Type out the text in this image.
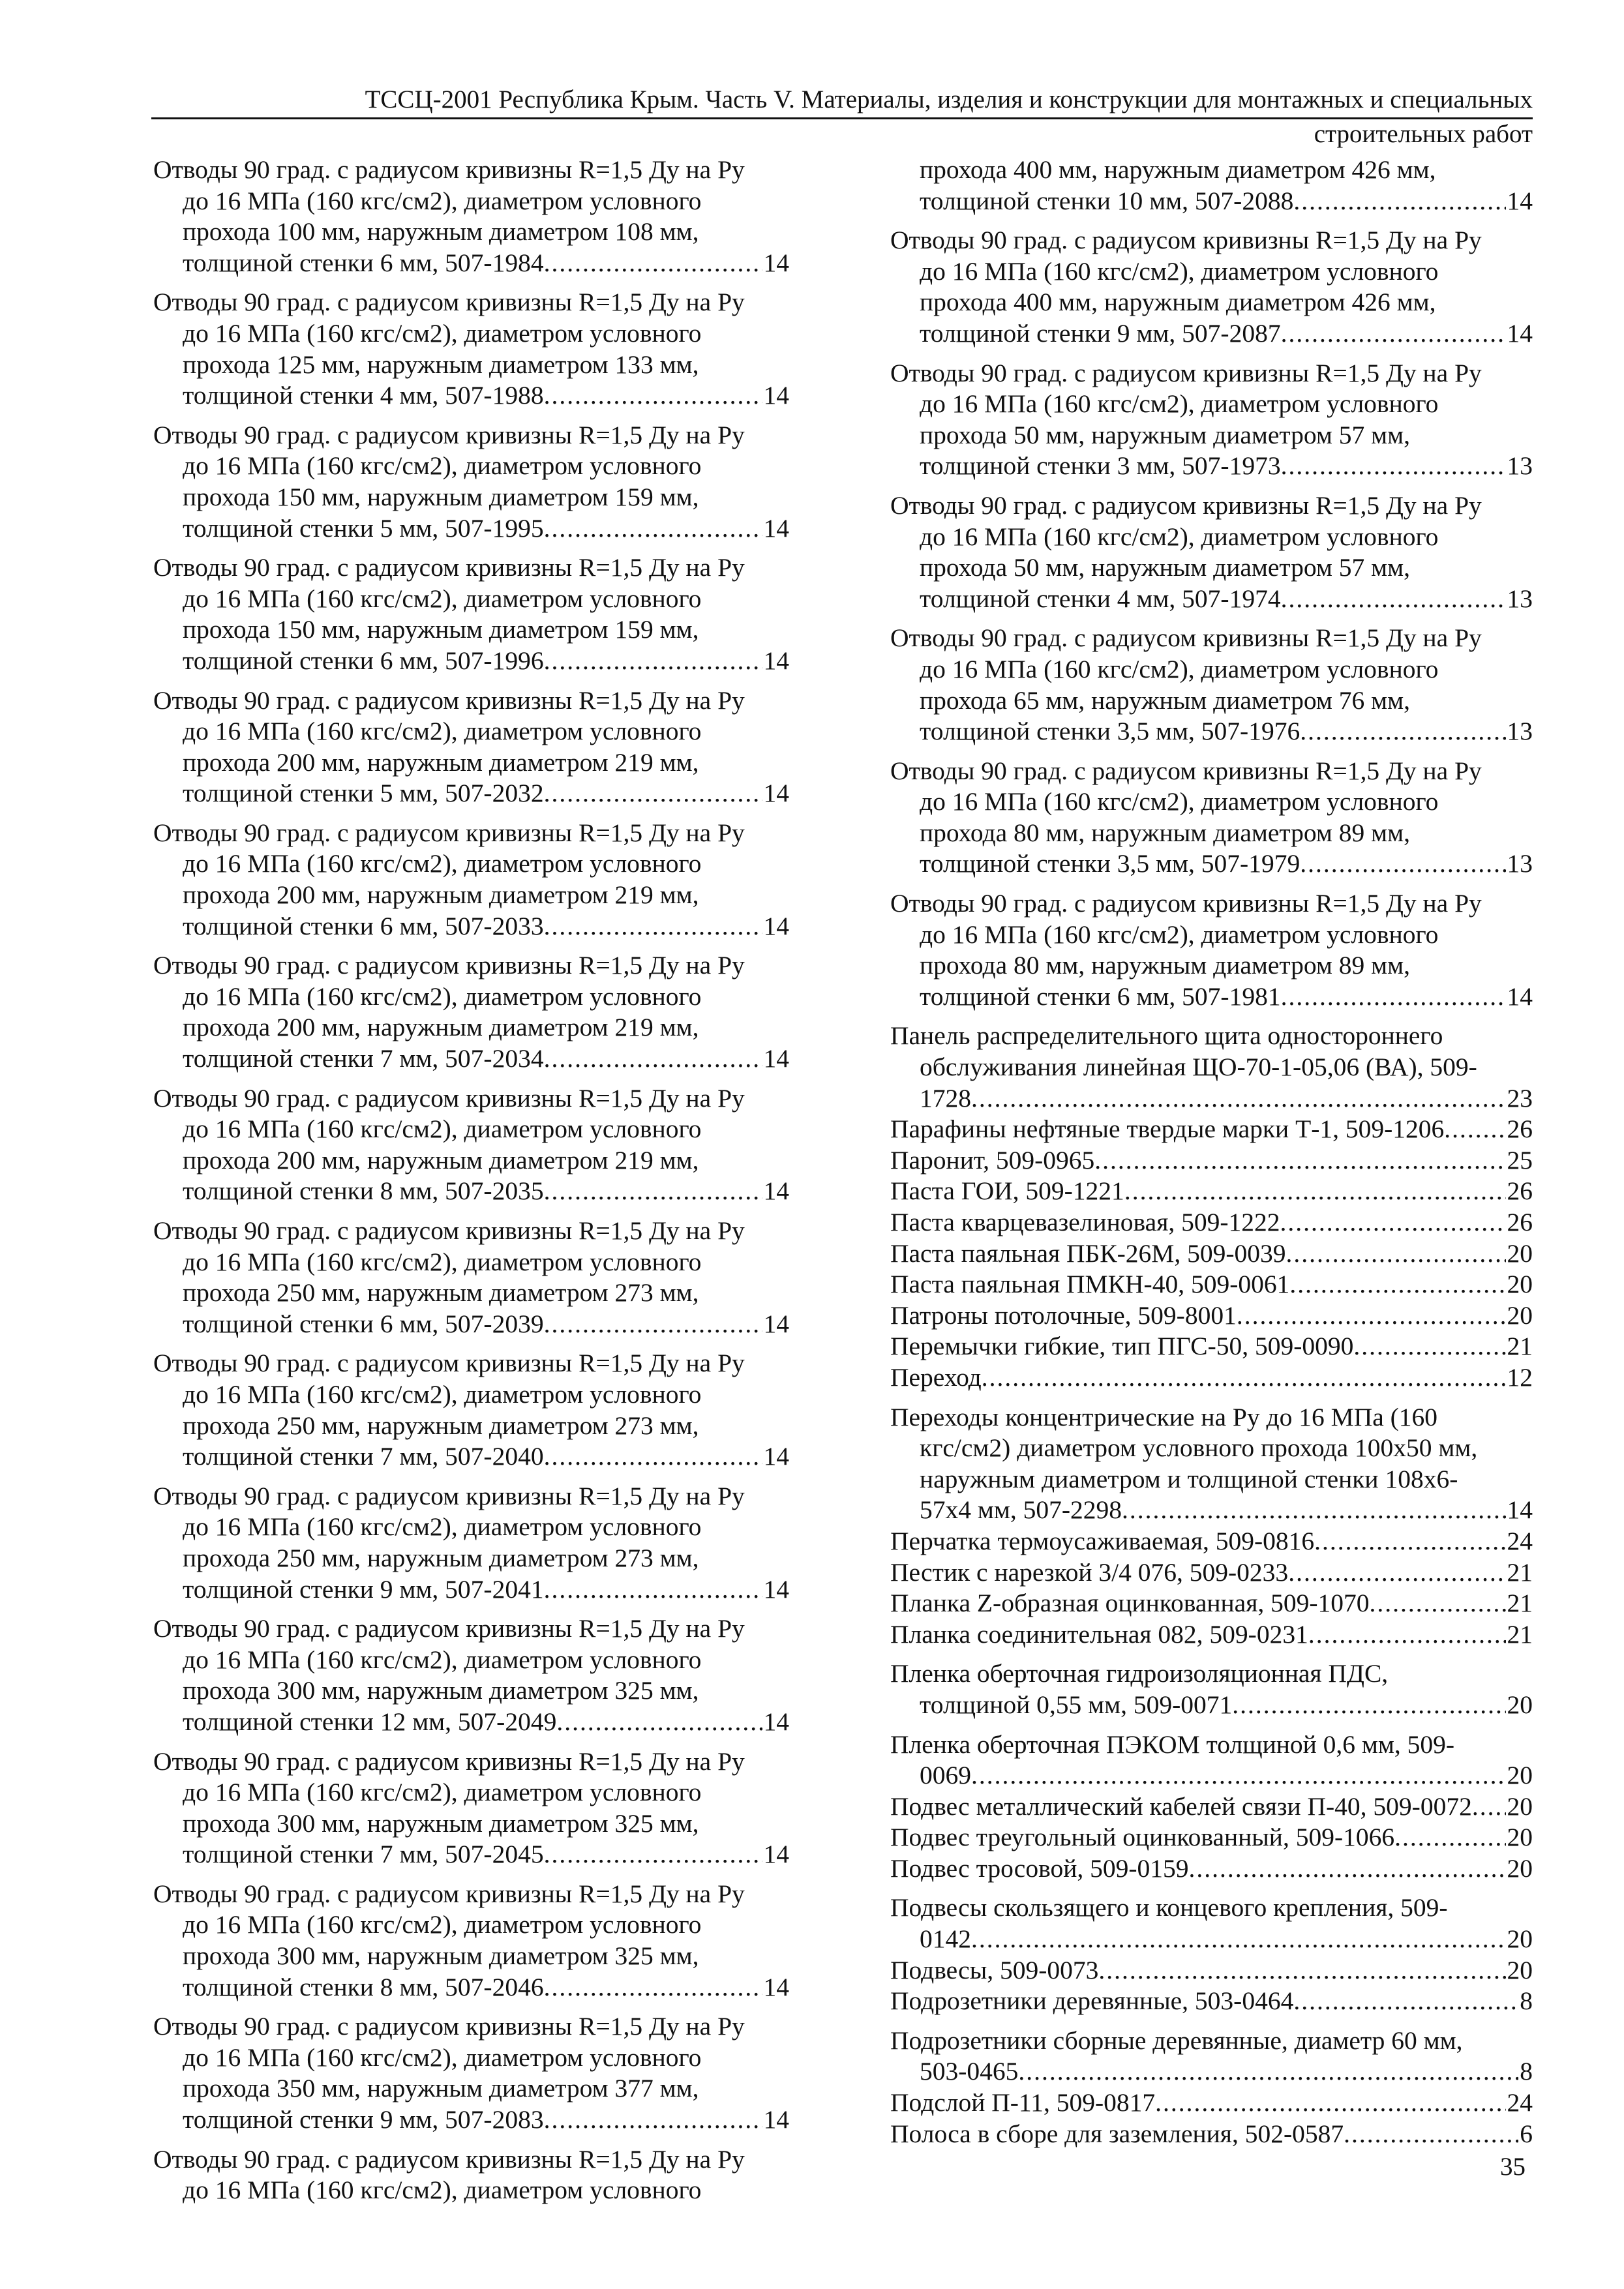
ТССЦ-2001 Республика Крым. Часть V. Материалы, изделия и конструкции для монтажных и специальных
строительных работ
Отводы 90 град. с радиусом кривизны R=1,5 Ду на Ру
до 16 МПа (160 кгс/см2), диаметром условного
прохода 100 мм, наружным диаметром 108 мм,
толщиной стенки 6 мм, 507-1984 .....	14
Отводы 90 град. с радиусом кривизны R=1,5 Ду на Ру
до 16 МПа (160 кгс/см2), диаметром условного
прохода 125 мм, наружным диаметром 133 мм,
толщиной стенки 4 мм, 507-1988 .....	14
Отводы 90 град. с радиусом кривизны R=1,5 Ду на Ру
до 16 МПа (160 кгс/см2), диаметром условного
прохода 150 мм, наружным диаметром 159 мм,
толщиной стенки 5 мм, 507-1995 .....	14
Отводы 90 град. с радиусом кривизны R=1,5 Ду на Ру
до 16 МПа (160 кгс/см2), диаметром условного
прохода 150 мм, наружным диаметром 159 мм,
толщиной стенки 6 мм, 507-1996 .....	14
Отводы 90 град. с радиусом кривизны R=1,5 Ду на Ру
до 16 МПа (160 кгс/см2), диаметром условного
прохода 200 мм, наружным диаметром 219 мм,
толщиной стенки 5 мм, 507-2032 .....	14
Отводы 90 град. с радиусом кривизны R=1,5 Ду на Ру
до 16 МПа (160 кгс/см2), диаметром условного
прохода 200 мм, наружным диаметром 219 мм,
толщиной стенки 6 мм, 507-2033 .....	14
Отводы 90 град. с радиусом кривизны R=1,5 Ду на Ру
до 16 МПа (160 кгс/см2), диаметром условного
прохода 200 мм, наружным диаметром 219 мм,
толщиной стенки 7 мм, 507-2034 .....	14
Отводы 90 град. с радиусом кривизны R=1,5 Ду на Ру
до 16 МПа (160 кгс/см2), диаметром условного
прохода 200 мм, наружным диаметром 219 мм,
толщиной стенки 8 мм, 507-2035 .....	14
Отводы 90 град. с радиусом кривизны R=1,5 Ду на Ру
до 16 МПа (160 кгс/см2), диаметром условного
прохода 250 мм, наружным диаметром 273 мм,
толщиной стенки 6 мм, 507-2039 .....	14
Отводы 90 град. с радиусом кривизны R=1,5 Ду на Ру
до 16 МПа (160 кгс/см2), диаметром условного
прохода 250 мм, наружным диаметром 273 мм,
толщиной стенки 7 мм, 507-2040 .....	14
Отводы 90 град. с радиусом кривизны R=1,5 Ду на Ру
до 16 МПа (160 кгс/см2), диаметром условного
прохода 250 мм, наружным диаметром 273 мм,
толщиной стенки 9 мм, 507-2041 .....	14
Отводы 90 град. с радиусом кривизны R=1,5 Ду на Ру
до 16 МПа (160 кгс/см2), диаметром условного
прохода 300 мм, наружным диаметром 325 мм,
толщиной стенки 12 мм, 507-2049 .....	14
Отводы 90 град. с радиусом кривизны R=1,5 Ду на Ру
до 16 МПа (160 кгс/см2), диаметром условного
прохода 300 мм, наружным диаметром 325 мм,
толщиной стенки 7 мм, 507-2045 .....	14
Отводы 90 град. с радиусом кривизны R=1,5 Ду на Ру
до 16 МПа (160 кгс/см2), диаметром условного
прохода 300 мм, наружным диаметром 325 мм,
толщиной стенки 8 мм, 507-2046 .....	14
Отводы 90 град. с радиусом кривизны R=1,5 Ду на Ру
до 16 МПа (160 кгс/см2), диаметром условного
прохода 350 мм, наружным диаметром 377 мм,
толщиной стенки 9 мм, 507-2083 .....	14
Отводы 90 град. с радиусом кривизны R=1,5 Ду на Ру
до 16 МПа (160 кгс/см2), диаметром условного
прохода 400 мм, наружным диаметром 426 мм,
толщиной стенки 10 мм, 507-2088 .....	14
Отводы 90 град. с радиусом кривизны R=1,5 Ду на Ру
до 16 МПа (160 кгс/см2), диаметром условного
прохода 400 мм, наружным диаметром 426 мм,
толщиной стенки 9 мм, 507-2087 .....	14
Отводы 90 град. с радиусом кривизны R=1,5 Ду на Ру
до 16 МПа (160 кгс/см2), диаметром условного
прохода 50 мм, наружным диаметром 57 мм,
толщиной стенки 3 мм, 507-1973 .....	13
Отводы 90 град. с радиусом кривизны R=1,5 Ду на Ру
до 16 МПа (160 кгс/см2), диаметром условного
прохода 50 мм, наружным диаметром 57 мм,
толщиной стенки 4 мм, 507-1974 .....	13
Отводы 90 град. с радиусом кривизны R=1,5 Ду на Ру
до 16 МПа (160 кгс/см2), диаметром условного
прохода 65 мм, наружным диаметром 76 мм,
толщиной стенки 3,5 мм, 507-1976 .....	13
Отводы 90 град. с радиусом кривизны R=1,5 Ду на Ру
до 16 МПа (160 кгс/см2), диаметром условного
прохода 80 мм, наружным диаметром 89 мм,
толщиной стенки 3,5 мм, 507-1979 .....	13
Отводы 90 град. с радиусом кривизны R=1,5 Ду на Ру
до 16 МПа (160 кгс/см2), диаметром условного
прохода 80 мм, наружным диаметром 89 мм,
толщиной стенки 6 мм, 507-1981 .....	14
Панель распределительного щита одностороннего
обслуживания линейная ЩО-70-1-05,06 (ВА), 509-
1728 .....	23
Парафины нефтяные твердые марки Т-1, 509-1206 ..... 26
Паронит, 509-0965 .....	25
Паста ГОИ, 509-1221 .....	26
Паста кварцевазелиновая, 509-1222 .....	26
Паста паяльная ПБК-26М, 509-0039 .....	20
Паста паяльная ПМКН-40, 509-0061 .....	20
Патроны потолочные, 509-8001 .....	20
Перемычки гибкие, тип ПГС-50, 509-0090 .....	21
Переход .....	12
Переходы концентрические на Ру до 16 МПа (160
кгс/см2) диаметром условного прохода 100х50 мм,
наружным диаметром и толщиной стенки 108х6-
57х4 мм, 507-2298 .....	14
Перчатка термоусаживаемая, 509-0816 .....	24
Пестик с нарезкой 3/4 076, 509-0233 .....	21
Планка Z-образная оцинкованная, 509-1070 .....	21
Планка соединительная 082, 509-0231 .....	21
Пленка оберточная гидроизоляционная ПДС,
толщиной 0,55 мм, 509-0071 .....	20
Пленка оберточная ПЭКОМ толщиной 0,6 мм, 509-
0069 .....	20
Подвес металлический кабелей связи П-40, 509-0072 ..... 20
Подвес треугольный оцинкованный, 509-1066 .....	20
Подвес тросовой, 509-0159 .....	20
Подвесы скользящего и концевого крепления, 509-
0142 .....	20
Подвесы, 509-0073 .....	20
Подрозетники деревянные, 503-0464 .....	8
Подрозетники сборные деревянные, диаметр 60 мм,
503-0465 .....	8
Подслой П-11, 509-0817 .....	24
Полоса в сборе для заземления, 502-0587 .....	6
35
